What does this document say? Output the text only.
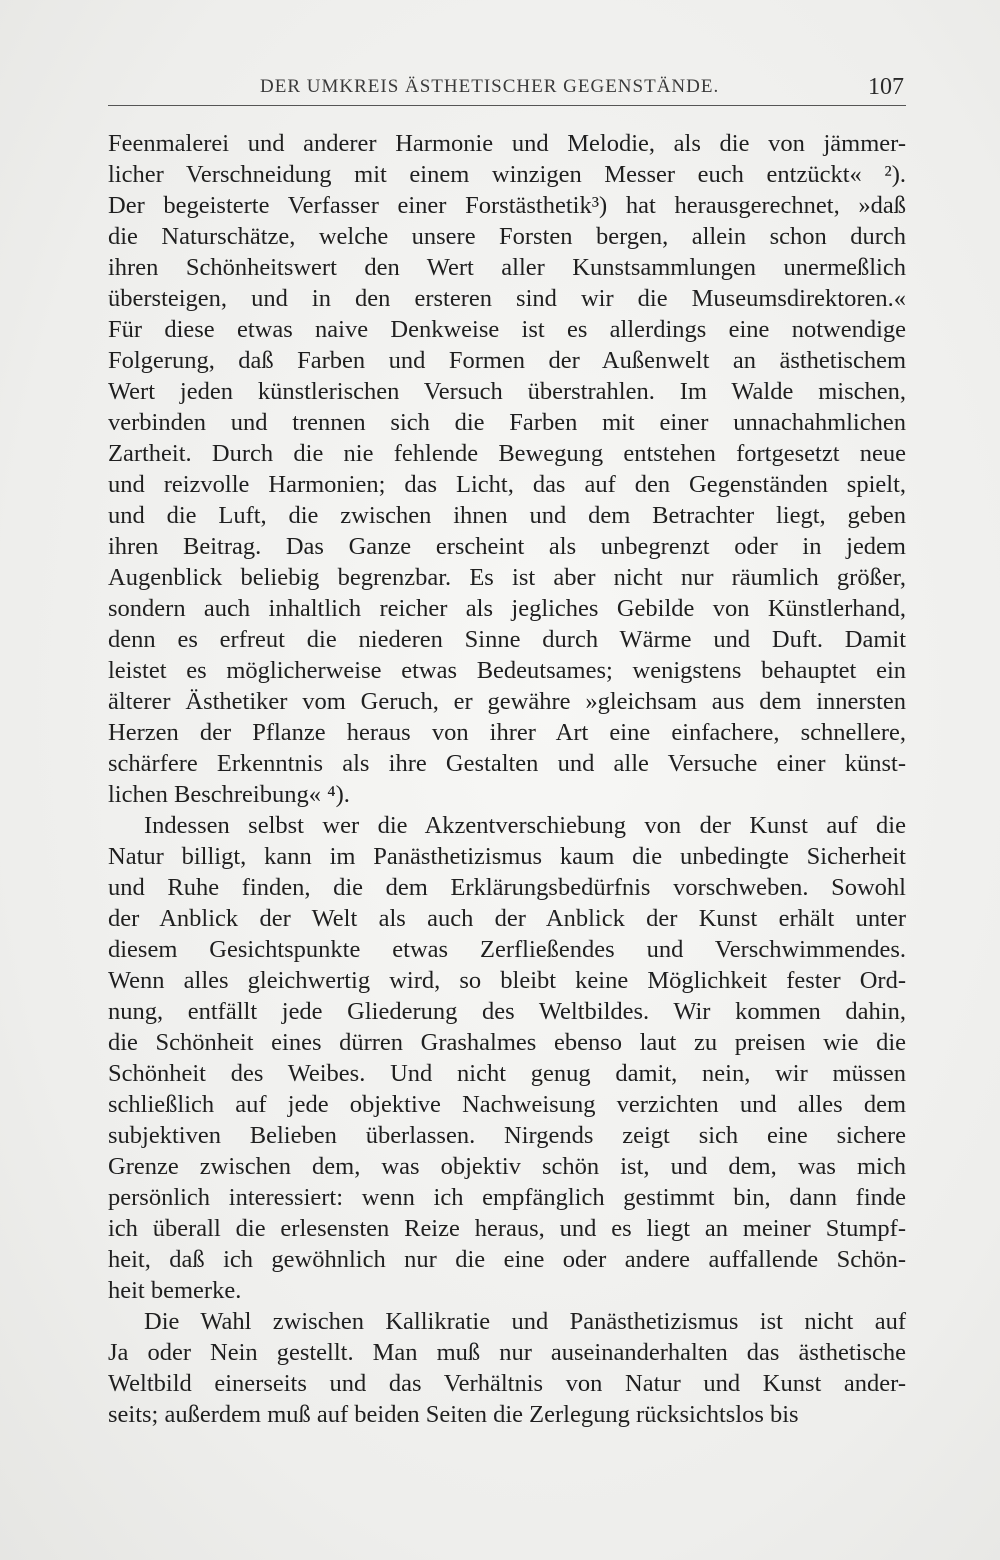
DER UMKREIS ÄSTHETISCHER GEGENSTÄNDE.	107
Feenmalerei und anderer Harmonie und Melodie, als die von jämmer-
licher Verschneidung mit einem winzigen Messer euch entzückt« ²).
Der begeisterte Verfasser einer Forstästhetik³) hat herausgerechnet, »daß
die Naturschätze, welche unsere Forsten bergen, allein schon durch
ihren Schönheitswert den Wert aller Kunstsammlungen unermeßlich
übersteigen, und in den ersteren sind wir die Museumsdirektoren.«
Für diese etwas naive Denkweise ist es allerdings eine notwendige
Folgerung, daß Farben und Formen der Außenwelt an ästhetischem
Wert jeden künstlerischen Versuch überstrahlen. Im Walde mischen,
verbinden und trennen sich die Farben mit einer unnachahmlichen
Zartheit. Durch die nie fehlende Bewegung entstehen fortgesetzt neue
und reizvolle Harmonien; das Licht, das auf den Gegenständen spielt,
und die Luft, die zwischen ihnen und dem Betrachter liegt, geben
ihren Beitrag. Das Ganze erscheint als unbegrenzt oder in jedem
Augenblick beliebig begrenzbar. Es ist aber nicht nur räumlich größer,
sondern auch inhaltlich reicher als jegliches Gebilde von Künstlerhand,
denn es erfreut die niederen Sinne durch Wärme und Duft. Damit
leistet es möglicherweise etwas Bedeutsames; wenigstens behauptet ein
älterer Ästhetiker vom Geruch, er gewähre »gleichsam aus dem innersten
Herzen der Pflanze heraus von ihrer Art eine einfachere, schnellere,
schärfere Erkenntnis als ihre Gestalten und alle Versuche einer künst-
lichen Beschreibung« ⁴).
Indessen selbst wer die Akzentverschiebung von der Kunst auf die
Natur billigt, kann im Panästhetizismus kaum die unbedingte Sicherheit
und Ruhe finden, die dem Erklärungsbedürfnis vorschweben. Sowohl
der Anblick der Welt als auch der Anblick der Kunst erhält unter
diesem Gesichtspunkte etwas Zerfließendes und Verschwimmendes.
Wenn alles gleichwertig wird, so bleibt keine Möglichkeit fester Ord-
nung, entfällt jede Gliederung des Weltbildes. Wir kommen dahin,
die Schönheit eines dürren Grashalmes ebenso laut zu preisen wie die
Schönheit des Weibes. Und nicht genug damit, nein, wir müssen
schließlich auf jede objektive Nachweisung verzichten und alles dem
subjektiven Belieben überlassen. Nirgends zeigt sich eine sichere
Grenze zwischen dem, was objektiv schön ist, und dem, was mich
persönlich interessiert: wenn ich empfänglich gestimmt bin, dann finde
ich überall die erlesensten Reize heraus, und es liegt an meiner Stumpf-
heit, daß ich gewöhnlich nur die eine oder andere auffallende Schön-
heit bemerke.
Die Wahl zwischen Kallikratie und Panästhetizismus ist nicht auf
Ja oder Nein gestellt. Man muß nur auseinanderhalten das ästhetische
Weltbild einerseits und das Verhältnis von Natur und Kunst ander-
seits; außerdem muß auf beiden Seiten die Zerlegung rücksichtslos bis
